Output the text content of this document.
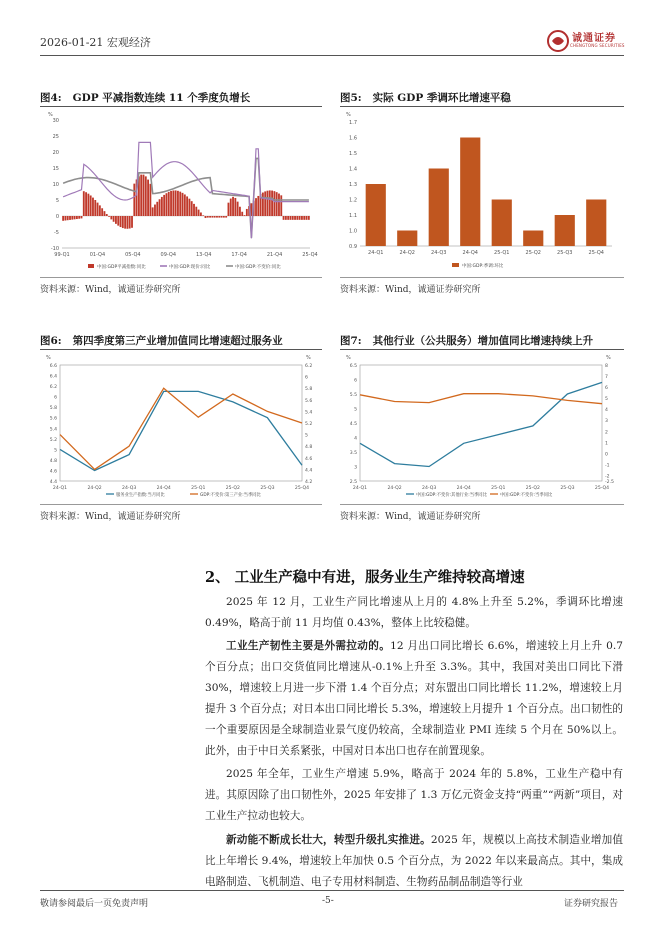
2026-01-21 宏观经济	诚通证券
CHENGTONG SECURITIES
图4: GDP 平减指数连续 11 个季度负增长
%
30
25
20
15
10
5
0
-5
-10
99-Q1	01-Q4	05-Q4	09-Q4	13-Q4	17-Q4	21-Q4	25-Q4
中国:GDP平减指数:同比	中国:GDP:现价:同比	中国:GDP:不变价:同比
资料来源：Wind，诚通证券研究所
图5: 实际 GDP 季调环比增速平稳
%
1.7
1.6
1.5
1.4
1.3
1.2
1.1
1.0
0.9
24-Q1	24-Q2	24-Q3	24-Q4	25-Q1	25-Q2	25-Q3	25-Q4
中国:GDP:季调:环比
资料来源：Wind，诚通证券研究所
图6: 第四季度第三产业增加值同比增速超过服务业
%	%
6.6
6.4
6.2
6
5.8
5.6
5.4
5.2
5
4.8
4.6
4.4
6.2
6
5.8
5.6
5.4
5.2
5
4.8
4.6
4.4
4.2
24-Q1	24-Q2	24-Q3	24-Q4	25-Q1	25-Q2	25-Q3	25-Q4
服务业生产指数:当月同比	GDP:不变价:第三产业:当季同比
资料来源：Wind，诚通证券研究所
图7: 其他行业（公共服务）增加值同比增速持续上升
%	%
6.5
6
5.5
5
4.5
4
3.5
3
2.5
8
7
6
5
4
3
2
1
0
-1
-2
-2.5
24-Q1	24-Q2	24-Q3	24-Q4	25-Q1	25-Q2	25-Q3	25-Q4
中国:GDP:不变价:其他行业:当季同比	中国:GDP:不变价:当季同比
资料来源：Wind，诚通证券研究所
2、 工业生产稳中有进，服务业生产维持较高增速
2025 年 12 月，工业生产同比增速从上月的 4.8%上升至 5.2%，季调环比增速 0.49%，略高于前 11 月均值 0.43%，整体上比较稳健。
工业生产韧性主要是外需拉动的。12 月出口同比增长 6.6%，增速较上月上升 0.7 个百分点；出口交货值同比增速从-0.1%上升至 3.3%。其中，我国对美出口同比下滑 30%，增速较上月进一步下滑 1.4 个百分点；对东盟出口同比增长 11.2%，增速较上月提升 3 个百分点；对日本出口同比增长 5.3%，增速较上月提升 1 个百分点。出口韧性的一个重要原因是全球制造业景气度仍较高，全球制造业 PMI 连续 5 个月在 50%以上。此外，由于中日关系紧张，中国对日本出口也存在前置现象。
2025 年全年，工业生产增速 5.9%，略高于 2024 年的 5.8%，工业生产稳中有进。其原因除了出口韧性外，2025 年安排了 1.3 万亿元资金支持“两重”“两新”项目，对工业生产拉动也较大。
新动能不断成长壮大，转型升级扎实推进。2025 年，规模以上高技术制造业增加值比上年增长 9.4%，增速较上年加快 0.5 个百分点，为 2022 年以来最高点。其中，集成电路制造、飞机制造、电子专用材料制造、生物药品制品制造等行业
敬请参阅最后一页免责声明	-5-	证券研究报告
